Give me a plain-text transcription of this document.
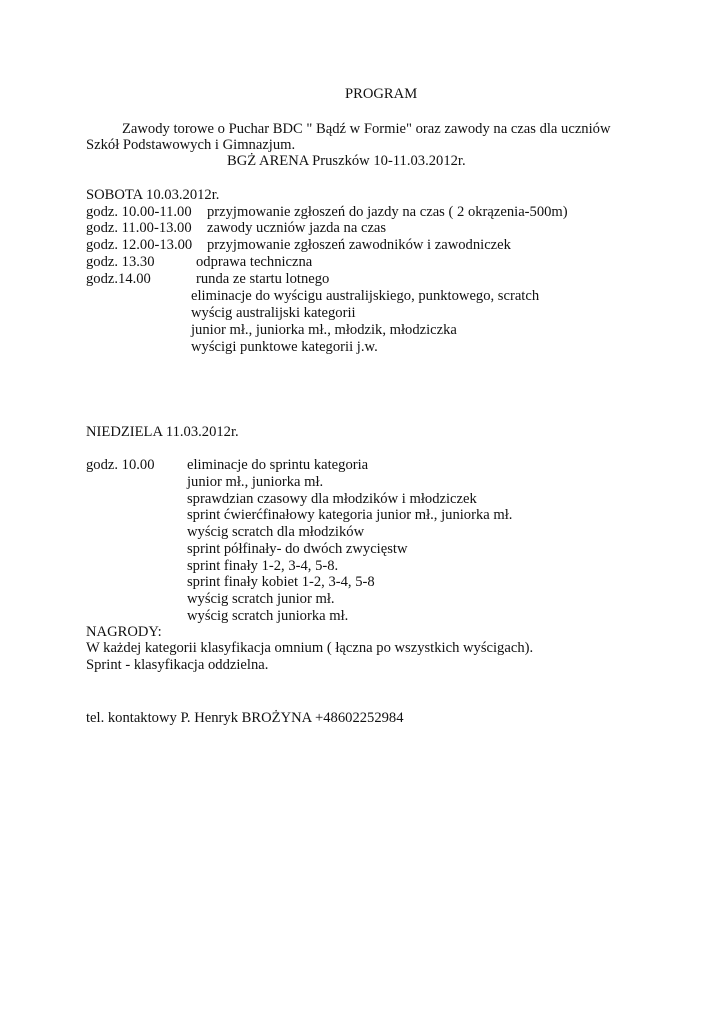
PROGRAM
Zawody torowe o Puchar BDC " Bądź w Formie" oraz zawody na czas dla uczniów
Szkół Podstawowych i Gimnazjum.
BGŻ ARENA Pruszków 10-11.03.2012r.
SOBOTA 10.03.2012r.
godz. 10.00-11.00 przyjmowanie zgłoszeń do jazdy na czas ( 2 okrązenia-500m)
godz. 11.00-13.00 zawody uczniów jazda na czas
godz. 12.00-13.00 przyjmowanie zgłoszeń zawodników i zawodniczek
godz. 13.30	odprawa techniczna
godz.14.00	runda ze startu lotnego
eliminacje do wyścigu australijskiego, punktowego, scratch
wyścig australijski kategorii
junior mł., juniorka mł., młodzik, młodziczka
wyścigi punktowe kategorii j.w.
NIEDZIELA 11.03.2012r.
godz. 10.00 eliminacje do sprintu kategoria
junior mł., juniorka mł.
sprawdzian czasowy dla młodzików i młodziczek
sprint ćwierćfinałowy kategoria junior mł., juniorka mł.
wyścig scratch dla młodzików
sprint półfinały- do dwóch zwycięstw
sprint finały 1-2, 3-4, 5-8.
sprint finały kobiet 1-2, 3-4, 5-8
wyścig scratch junior mł.
wyścig scratch juniorka mł.
NAGRODY:
W każdej kategorii klasyfikacja omnium ( łączna po wszystkich wyścigach).
Sprint - klasyfikacja oddzielna.
tel. kontaktowy P. Henryk BROŻYNA +48602252984
